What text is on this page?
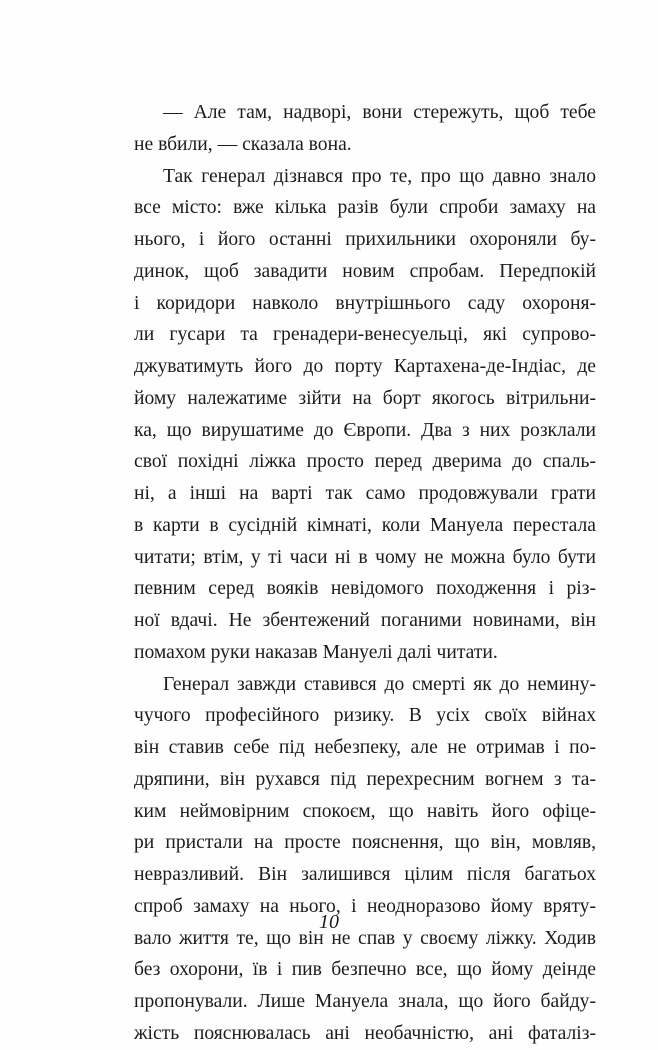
— Але там, надворі, вони стережуть, щоб тебе
не вбили, — сказала вона.
Так генерал дізнався про те, про що давно знало
все місто: вже кілька разів були спроби замаху на
нього, і його останні прихильники охороняли бу-
динок, щоб завадити новим спробам. Передпокій
і коридори навколо внутрішнього саду охороня-
ли гусари та гренадери-венесуельці, які супрово-
джуватимуть його до порту Картахена-де-Індіас, де
йому належатиме зійти на борт якогось вітрильни-
ка, що вирушатиме до Європи. Два з них розклали
свої похідні ліжка просто перед дверима до спаль-
ні, а інші на варті так само продовжували грати
в карти в сусідній кімнаті, коли Мануела перестала
читати; втім, у ті часи ні в чому не можна було бути
певним серед вояків невідомого походження і різ-
ної вдачі. Не збентежений поганими новинами, він
помахом руки наказав Мануелі далі читати.
Генерал завжди ставився до смерті як до немину-
чучого професійного ризику. В усіх своїх війнах
він ставив себе під небезпеку, але не отримав і по-
дряпини, він рухався під перехресним вогнем з та-
ким неймовірним спокоєм, що навіть його офіце-
ри пристали на просте пояснення, що він, мовляв,
невразливий. Він залишився цілим після багатьох
спроб замаху на нього, і неодноразово йому вряту-
вало життя те, що він не спав у своєму ліжку. Ходив
без охорони, їв і пив безпечно все, що йому деінде
пропонували. Лише Мануела знала, що його байду-
жість пояснювалась ані необачністю, ані фаталіз-
10
